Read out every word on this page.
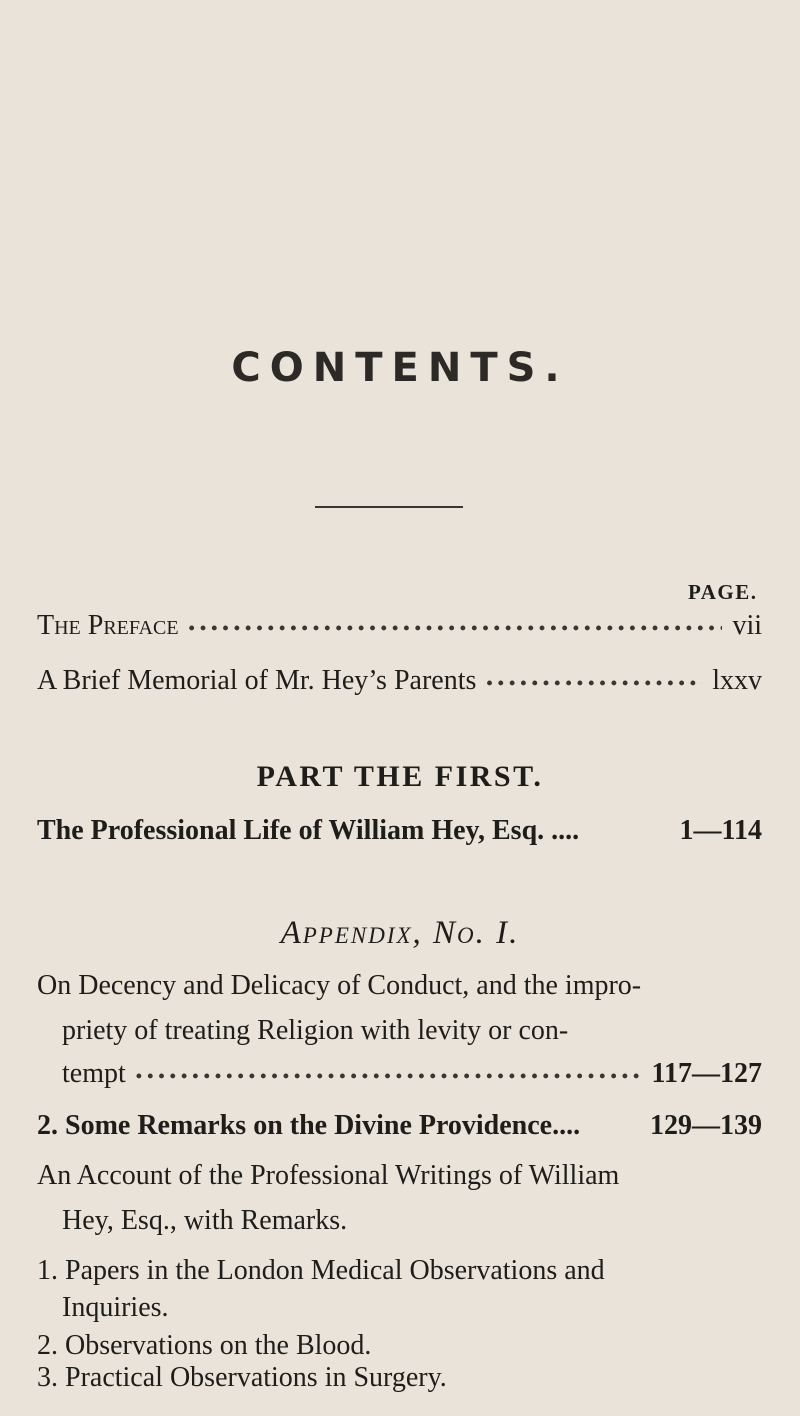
CONTENTS.
PAGE.
The Preface •••••	vii
A Brief Memorial of Mr. Hey’s Parents •••••	lxxv
PART THE FIRST.
The Professional Life of William Hey, Esq. ....	1—114
Appendix, No. I.
On Decency and Delicacy of Conduct, and the impro-
priety of treating Religion with levity or con-
tempt •••••	117—127
2. Some Remarks on the Divine Providence....	129—139
An Account of the Professional Writings of William
Hey, Esq., with Remarks.
1. Papers in the London Medical Observations and
Inquiries.
2. Observations on the Blood.
3. Practical Observations in Surgery.
